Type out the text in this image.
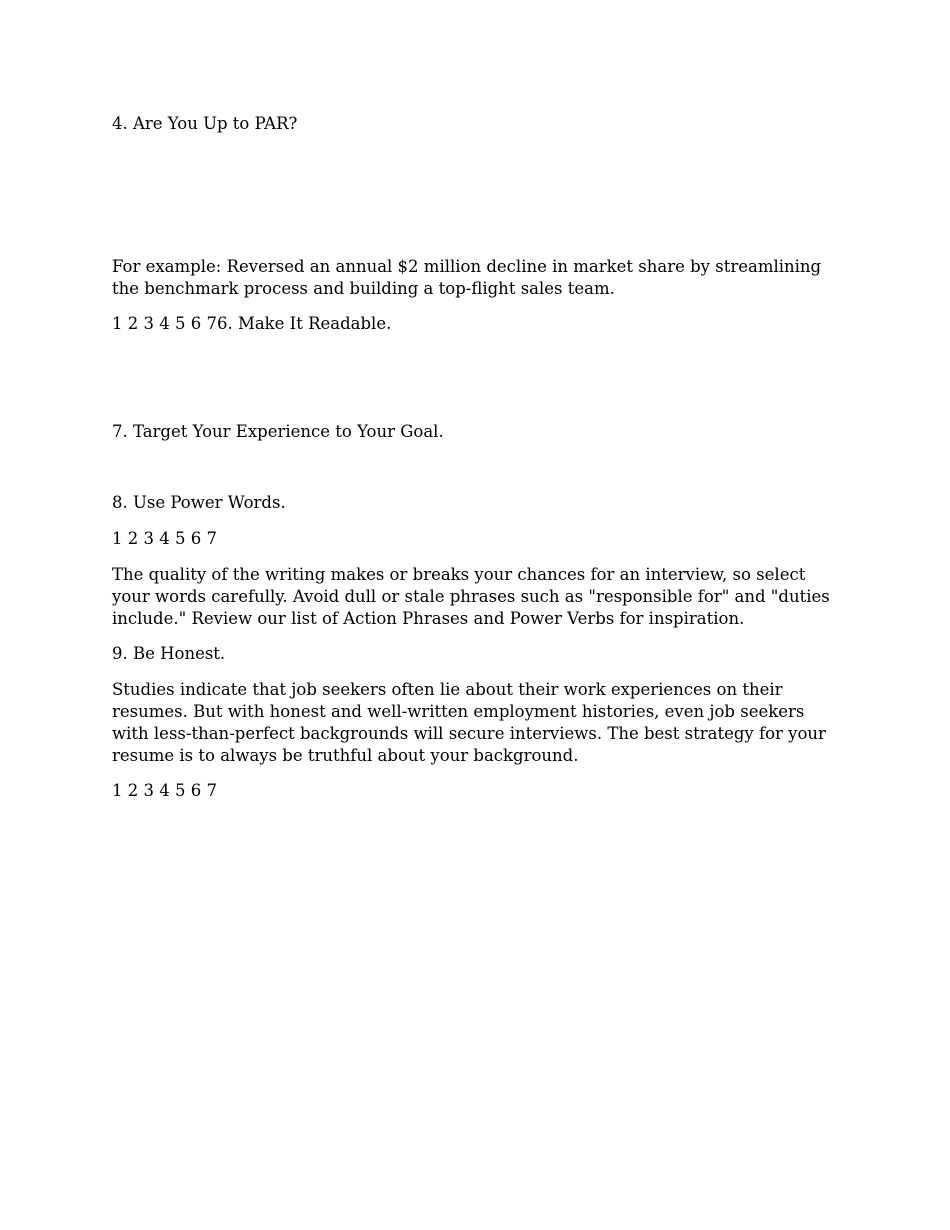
4. Are You Up to PAR?

For example: Reversed an annual $2 million decline in market share by streamlining the benchmark process and building a top-flight sales team.

1 2 3 4 5 6 76. Make It Readable.

7. Target Your Experience to Your Goal.

8. Use Power Words.

1 2 3 4 5 6 7

The quality of the writing makes or breaks your chances for an interview, so select your words carefully. Avoid dull or stale phrases such as "responsible for" and "duties include." Review our list of Action Phrases and Power Verbs for inspiration.

9. Be Honest.

Studies indicate that job seekers often lie about their work experiences on their resumes. But with honest and well-written employment histories, even job seekers with less-than-perfect backgrounds will secure interviews. The best strategy for your resume is to always be truthful about your background.

1 2 3 4 5 6 7
